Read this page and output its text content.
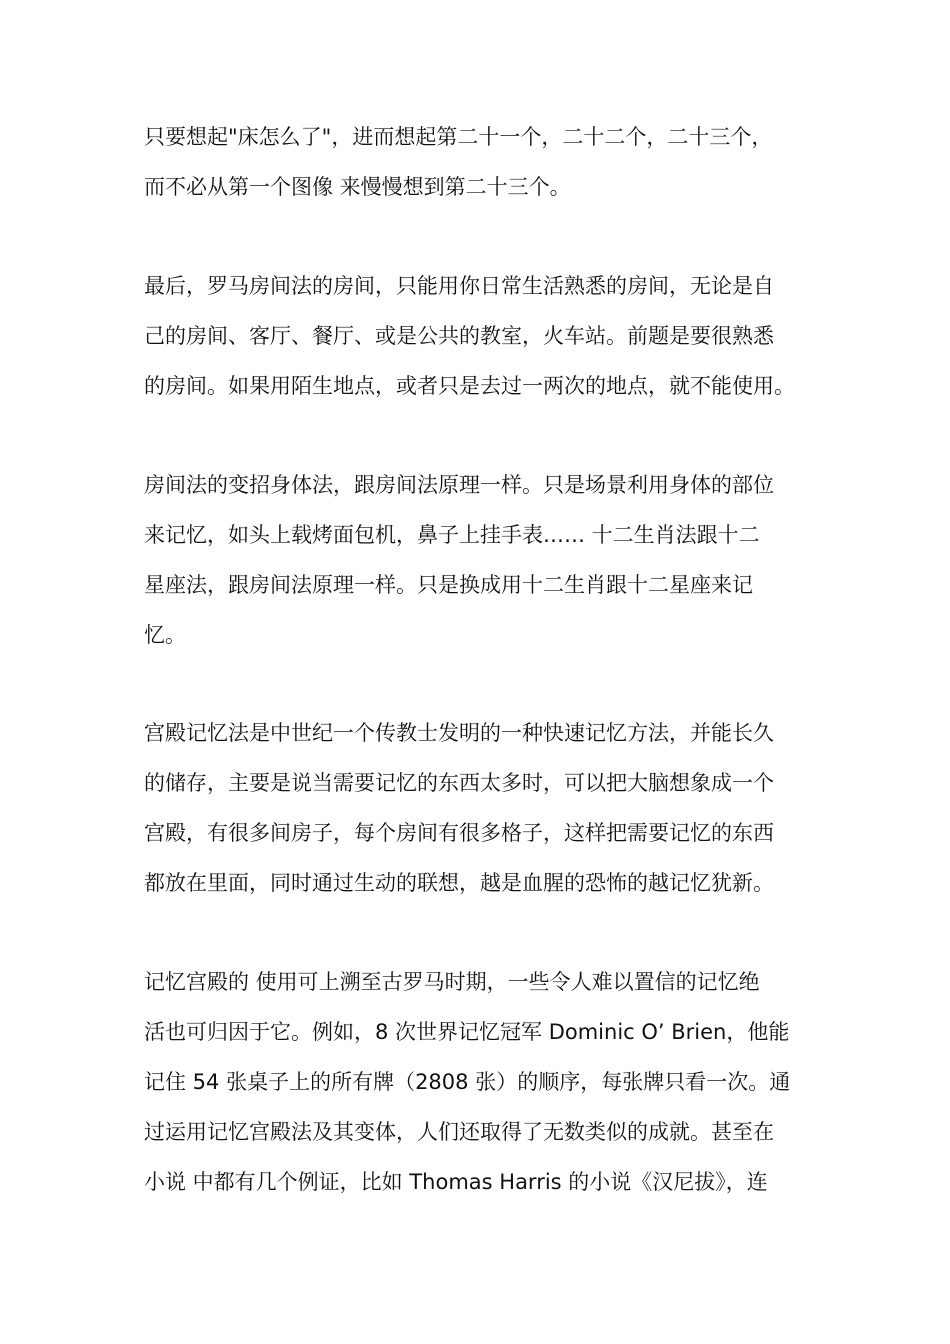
只要想起"床怎么了"，进而想起第二十一个，二十二个，二十三个，
而不必从第一个图像 来慢慢想到第二十三个。
最后，罗马房间法的房间，只能用你日常生活熟悉的房间，无论是自
己的房间、客厅、餐厅、或是公共的教室，火车站。前题是要很熟悉
的房间。如果用陌生地点，或者只是去过一两次的地点，就不能使用。
房间法的变招身体法，跟房间法原理一样。只是场景利用身体的部位
来记忆，如头上载烤面包机，鼻子上挂手表…… 十二生肖法跟十二
星座法，跟房间法原理一样。只是换成用十二生肖跟十二星座来记
忆。
宫殿记忆法是中世纪一个传教士发明的一种快速记忆方法，并能长久
的储存，主要是说当需要记忆的东西太多时，可以把大脑想象成一个
宫殿，有很多间房子，每个房间有很多格子，这样把需要记忆的东西
都放在里面，同时通过生动的联想，越是血腥的恐怖的越记忆犹新。
记忆宫殿的 使用可上溯至古罗马时期，一些令人难以置信的记忆绝
活也可归因于它。例如，8 次世界记忆冠军 Dominic O’ Brien，他能
记住 54 张桌子上的所有牌（2808 张）的顺序，每张牌只看一次。通
过运用记忆宫殿法及其变体，人们还取得了无数类似的成就。甚至在
小说 中都有几个例证，比如 Thomas Harris 的小说《汉尼拔》，连
